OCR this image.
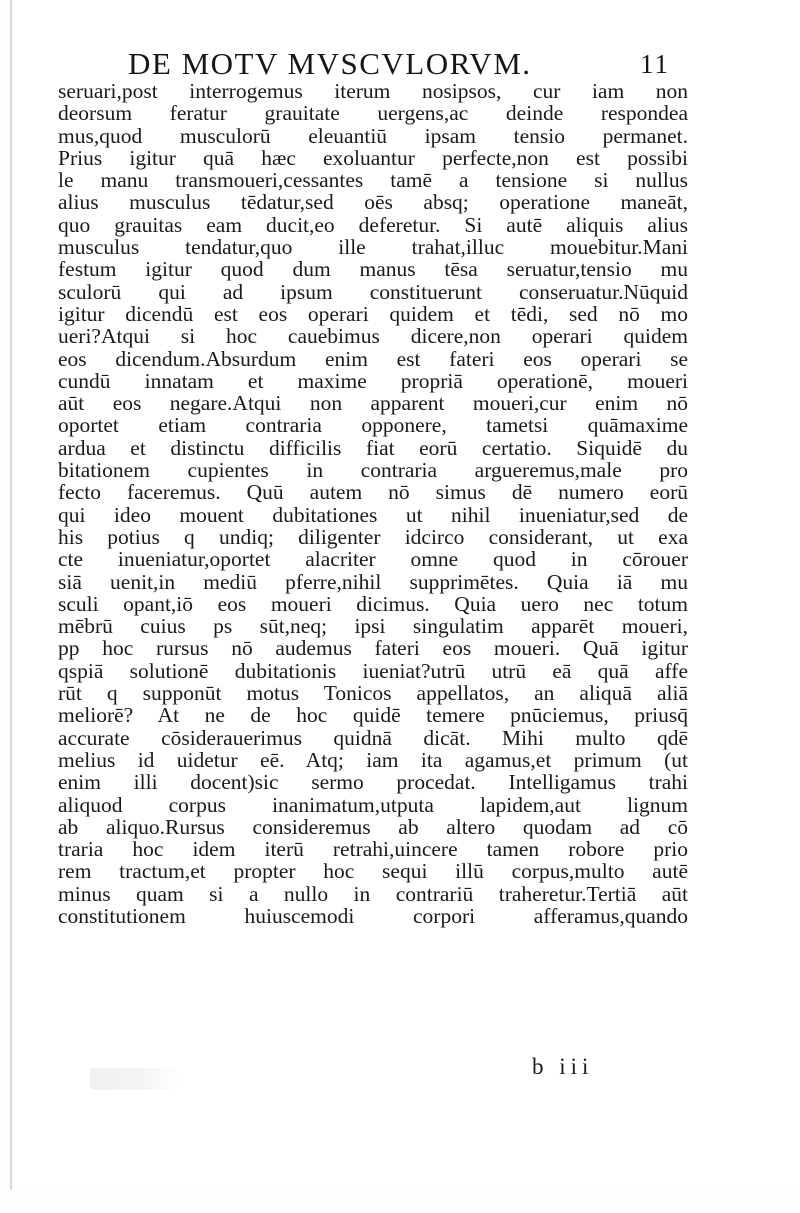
DE MOTV MVSCVLORVM.	11
seruari,post interrogemus iterum nosipsos, cur iam non
deorsum feratur grauitate uergens,ac deinde respondea
mus,quod musculorū eleuantiū ipsam tensio permanet.
Prius igitur quā hæc exoluantur perfecte,non est possibi
le manu transmoueri,cessantes tamē a tensione si nullus
alius musculus tēdatur,sed oēs absq; operatione maneāt,
quo grauitas eam ducit,eo deferetur. Si autē aliquis alius
musculus tendatur,quo ille trahat,illuc mouebitur.Mani
festum igitur quod dum manus tēsa seruatur,tensio mu
sculorū qui ad ipsum constituerunt conseruatur.Nūquid
igitur dicendū est eos operari quidem et tēdi, sed nō mo
ueri?Atqui si hoc cauebimus dicere,non operari quidem
eos dicendum.Absurdum enim est fateri eos operari se
cundū innatam et maxime propriā operationē, moueri
aūt eos negare.Atqui non apparent moueri,cur enim nō
oportet etiam contraria opponere, tametsi quāmaxime
ardua et distinctu difficilis fiat eorū certatio. Siquidē du
bitationem cupientes in contraria argueremus,male pro
fecto faceremus. Quū autem nō simus dē numero eorū
qui ideo mouent dubitationes ut nihil inueniatur,sed de
his potius q undiq; diligenter idcirco considerant, ut exa
cte inueniatur,oportet alacriter omne quod in cōrouer
siā uenit,in mediū pferre,nihil supprimētes. Quia iā mu
sculi opant,iō eos moueri dicimus. Quia uero nec totum
mēbrū cuius ps sūt,neq; ipsi singulatim apparēt moueri,
pp hoc rursus nō audemus fateri eos moueri. Quā igitur
qspiā solutionē dubitationis iueniat?utrū utrū eā quā affe
rūt q supponūt motus Tonicos appellatos, an aliquā aliā
meliorē? At ne de hoc quidē temere pnūciemus, priusq̄
accurate cōsiderauerimus quidnā dicāt. Mihi multo qdē
melius id uidetur eē. Atq; iam ita agamus,et primum (ut
enim illi docent)sic sermo procedat. Intelligamus trahi
aliquod corpus inanimatum,utputa lapidem,aut lignum
ab aliquo.Rursus consideremus ab altero quodam ad cō
traria hoc idem iterū retrahi,uincere tamen robore prio
rem tractum,et propter hoc sequi illū corpus,multo autē
minus quam si a nullo in contrariū traheretur.Tertiā aūt
constitutionem huiuscemodi corpori afferamus,quando
b iii
